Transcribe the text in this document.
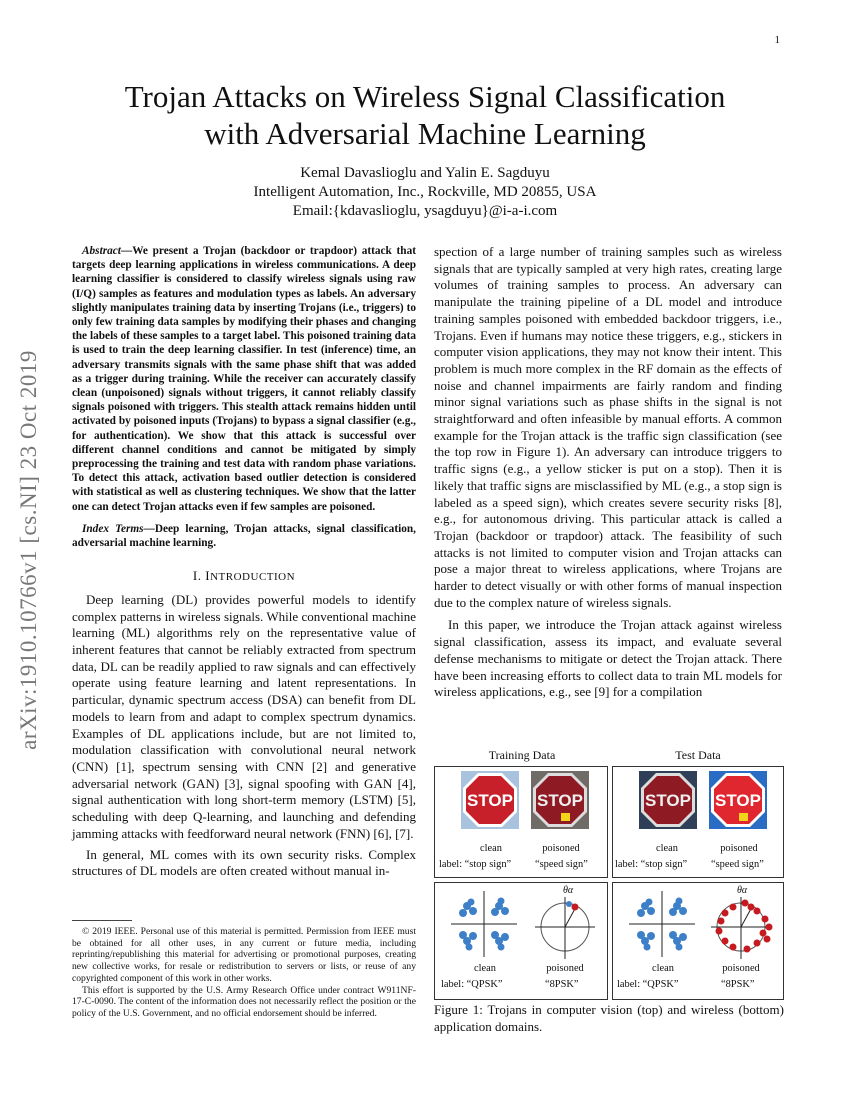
1
arXiv:1910.10766v1 [cs.NI] 23 Oct 2019
Trojan Attacks on Wireless Signal Classification
with Adversarial Machine Learning
Kemal Davaslioglu and Yalin E. Sagduyu
Intelligent Automation, Inc., Rockville, MD 20855, USA
Email:{kdavaslioglu, ysagduyu}@i-a-i.com

Abstract—We present a Trojan (backdoor or trapdoor) attack that targets deep learning applications in wireless communications. A deep learning classifier is considered to classify wireless signals using raw (I/Q) samples as features and modulation types as labels. An adversary slightly manipulates training data by inserting Trojans (i.e., triggers) to only few training data samples by modifying their phases and changing the labels of these samples to a target label. This poisoned training data is used to train the deep learning classifier. In test (inference) time, an adversary transmits signals with the same phase shift that was added as a trigger during training. While the receiver can accurately classify clean (unpoisoned) signals without triggers, it cannot reliably classify signals poisoned with triggers. This stealth attack remains hidden until activated by poisoned inputs (Trojans) to bypass a signal classifier (e.g., for authentication). We show that this attack is successful over different channel conditions and cannot be mitigated by simply preprocessing the training and test data with random phase variations. To detect this attack, activation based outlier detection is considered with statistical as well as clustering techniques. We show that the latter one can detect Trojan attacks even if few samples are poisoned.

Index Terms—Deep learning, Trojan attacks, signal classification, adversarial machine learning.

I. INTRODUCTION

Deep learning (DL) provides powerful models to identify complex patterns in wireless signals. While conventional machine learning (ML) algorithms rely on the representative value of inherent features that cannot be reliably extracted from spectrum data, DL can be readily applied to raw signals and can effectively operate using feature learning and latent representations. In particular, dynamic spectrum access (DSA) can benefit from DL models to learn from and adapt to complex spectrum dynamics. Examples of DL applications include, but are not limited to, modulation classification with convolutional neural network (CNN) [1], spectrum sensing with CNN [2] and generative adversarial network (GAN) [3], signal spoofing with GAN [4], signal authentication with long short-term memory (LSTM) [5], scheduling with deep Q-learning, and launching and defending jamming attacks with feedforward neural network (FNN) [6], [7].

In general, ML comes with its own security risks. Complex structures of DL models are often created without manual in-

© 2019 IEEE. Personal use of this material is permitted. Permission from IEEE must be obtained for all other uses, in any current or future media, including reprinting/republishing this material for advertising or promotional purposes, creating new collective works, for resale or redistribution to servers or lists, or reuse of any copyrighted component of this work in other works.

This effort is supported by the U.S. Army Research Office under contract W911NF-17-C-0090. The content of the information does not necessarily reflect the position or the policy of the U.S. Government, and no official endorsement should be inferred.

spection of a large number of training samples such as wireless signals that are typically sampled at very high rates, creating large volumes of training samples to process. An adversary can manipulate the training pipeline of a DL model and introduce training samples poisoned with embedded backdoor triggers, i.e., Trojans. Even if humans may notice these triggers, e.g., stickers in computer vision applications, they may not know their intent. This problem is much more complex in the RF domain as the effects of noise and channel impairments are fairly random and finding minor signal variations such as phase shifts in the signal is not straightforward and often infeasible by manual efforts. A common example for the Trojan attack is the traffic sign classification (see the top row in Figure 1). An adversary can introduce triggers to traffic signs (e.g., a yellow sticker is put on a stop). Then it is likely that traffic signs are misclassified by ML (e.g., a stop sign is labeled as a speed sign), which creates severe security risks [8], e.g., for autonomous driving. This particular attack is called a Trojan (backdoor or trapdoor) attack. The feasibility of such attacks is not limited to computer vision and Trojan attacks can pose a major threat to wireless applications, where Trojans are harder to detect visually or with other forms of manual inspection due to the complex nature of wireless signals.

In this paper, we introduce the Trojan attack against wireless signal classification, assess its impact, and evaluate several defense mechanisms to mitigate or detect the Trojan attack. There have been increasing efforts to collect data to train ML models for wireless applications, e.g., see [9] for a compilation

Training Data	Test Data
STOP STOP
clean	poisoned
label: “stop sign” “speed sign”
STOP STOP
clean	poisoned
label: “stop sign” “speed sign”
θα
clean	poisoned
label: “QPSK”	“8PSK”
θα
clean	poisoned
label: “QPSK”	“8PSK”
Figure 1: Trojans in computer vision (top) and wireless (bottom) application domains.
